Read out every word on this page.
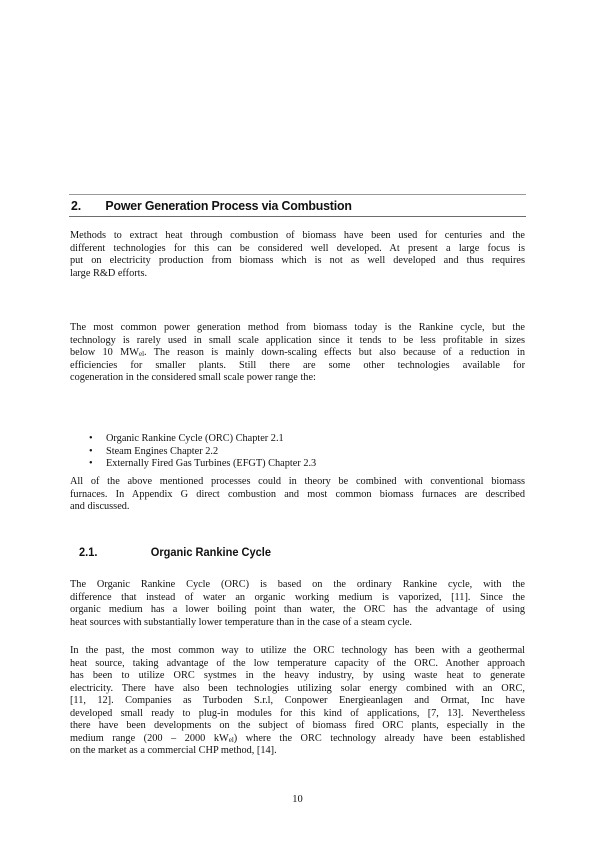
2. Power Generation Process via Combustion
Methods to extract heat through combustion of biomass have been used for centuries and the
different technologies for this can be considered well developed. At present a large focus is
put on electricity production from biomass which is not as well developed and thus requires
large R&D efforts.
The most common power generation method from biomass today is the Rankine cycle, but the
technology is rarely used in small scale application since it tends to be less profitable in sizes
below 10 $MW_{el}$. The reason is mainly down-scaling effects but also because of a reduction in
efficiencies for smaller plants. Still there are some other technologies available for
cogeneration in the considered small scale power range the:
• Organic Rankine Cycle (ORC) Chapter 2.1
• Steam Engines Chapter 2.2
• Externally Fired Gas Turbines (EFGT) Chapter 2.3
All of the above mentioned processes could in theory be combined with conventional biomass
furnaces. In Appendix G direct combustion and most common biomass furnaces are described
and discussed.
2.1.	Organic Rankine Cycle
The Organic Rankine Cycle (ORC) is based on the ordinary Rankine cycle, with the
difference that instead of water an organic working medium is vaporized, [11]. Since the
organic medium has a lower boiling point than water, the ORC has the advantage of using
heat sources with substantially lower temperature than in the case of a steam cycle.
In the past, the most common way to utilize the ORC technology has been with a geothermal
heat source, taking advantage of the low temperature capacity of the ORC. Another approach
has been to utilize ORC systmes in the heavy industry, by using waste heat to generate
electricity. There have also been technologies utilizing solar energy combined with an ORC,
[11, 12]. Companies as Turboden S.r.l, Conpower Energieanlagen and Ormat, Inc have
developed small ready to plug-in modules for this kind of applications, [7, 13]. Nevertheless
there have been developments on the subject of biomass fired ORC plants, especially in the
medium range (200 – 2000 $kW_{el}$) where the ORC technology already have been established
on the market as a commercial CHP method, [14].
10
